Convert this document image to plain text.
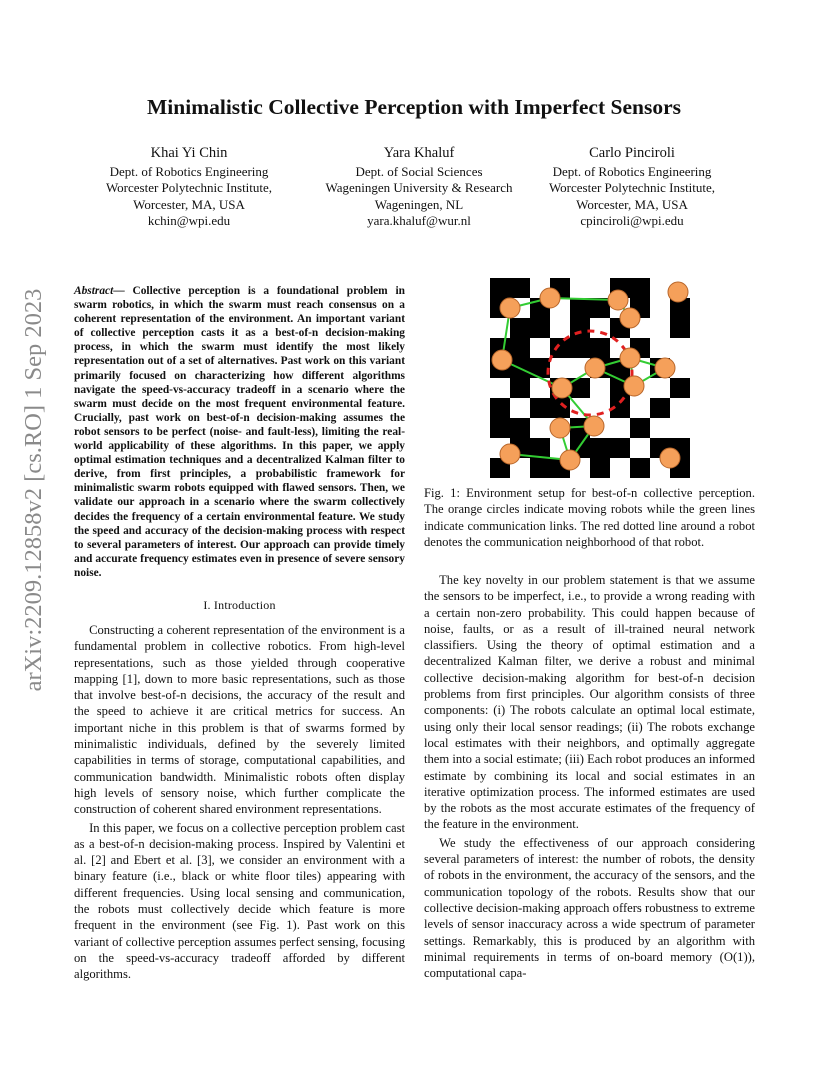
arXiv:2209.12858v2 [cs.RO] 1 Sep 2023
Minimalistic Collective Perception with Imperfect Sensors
Khai Yi Chin
Dept. of Robotics Engineering
Worcester Polytechnic Institute,
Worcester, MA, USA
kchin@wpi.edu
Yara Khaluf
Dept. of Social Sciences
Wageningen University & Research
Wageningen, NL
yara.khaluf@wur.nl
Carlo Pinciroli
Dept. of Robotics Engineering
Worcester Polytechnic Institute,
Worcester, MA, USA
cpinciroli@wpi.edu
Abstract— Collective perception is a foundational problem in swarm robotics, in which the swarm must reach consensus on a coherent representation of the environment. An important variant of collective perception casts it as a best-of-n decision-making process, in which the swarm must identify the most likely representation out of a set of alternatives. Past work on this variant primarily focused on characterizing how different algorithms navigate the speed-vs-accuracy tradeoff in a scenario where the swarm must decide on the most frequent environmental feature. Crucially, past work on best-of-n decision-making assumes the robot sensors to be perfect (noise- and fault-less), limiting the real-world applicability of these algorithms. In this paper, we apply optimal estimation techniques and a decentralized Kalman filter to derive, from first principles, a probabilistic framework for minimalistic swarm robots equipped with flawed sensors. Then, we validate our approach in a scenario where the swarm collectively decides the frequency of a certain environmental feature. We study the speed and accuracy of the decision-making process with respect to several parameters of interest. Our approach can provide timely and accurate frequency estimates even in presence of severe sensory noise.
I. Introduction

Constructing a coherent representation of the environment is a fundamental problem in collective robotics. From high-level representations, such as those yielded through cooperative mapping [1], down to more basic representations, such as those that involve best-of-n decisions, the accuracy of the result and the speed to achieve it are critical metrics for success. An important niche in this problem is that of swarms formed by minimalistic individuals, defined by the severely limited capabilities in terms of storage, computational capabilities, and communication bandwidth. Minimalistic robots often display high levels of sensory noise, which further complicate the construction of coherent shared environment representations.

In this paper, we focus on a collective perception problem cast as a best-of-n decision-making process. Inspired by Valentini et al. [2] and Ebert et al. [3], we consider an environment with a binary feature (i.e., black or white floor tiles) appearing with different frequencies. Using local sensing and communication, the robots must collectively decide which feature is more frequent in the environment (see Fig. 1). Past work on this variant of collective perception assumes perfect sensing, focusing on the speed-vs-accuracy tradeoff afforded by different algorithms.

Fig. 1: Environment setup for best-of-n collective perception. The orange circles indicate moving robots while the green lines indicate communication links. The red dotted line around a robot denotes the communication neighborhood of that robot.

The key novelty in our problem statement is that we assume the sensors to be imperfect, i.e., to provide a wrong reading with a certain non-zero probability. This could happen because of noise, faults, or as a result of ill-trained neural network classifiers. Using the theory of optimal estimation and a decentralized Kalman filter, we derive a robust and minimal collective decision-making algorithm for best-of-n decision problems from first principles. Our algorithm consists of three components: (i) The robots calculate an optimal local estimate, using only their local sensor readings; (ii) The robots exchange local estimates with their neighbors, and optimally aggregate them into a social estimate; (iii) Each robot produces an informed estimate by combining its local and social estimates in an iterative optimization process. The informed estimates are used by the robots as the most accurate estimates of the frequency of the feature in the environment.

We study the effectiveness of our approach considering several parameters of interest: the number of robots, the density of robots in the environment, the accuracy of the sensors, and the communication topology of the robots. Results show that our collective decision-making approach offers robustness to extreme levels of sensor inaccuracy across a wide spectrum of parameter settings. Remarkably, this is produced by an algorithm with minimal requirements in terms of on-board memory (O(1)), computational capa-
